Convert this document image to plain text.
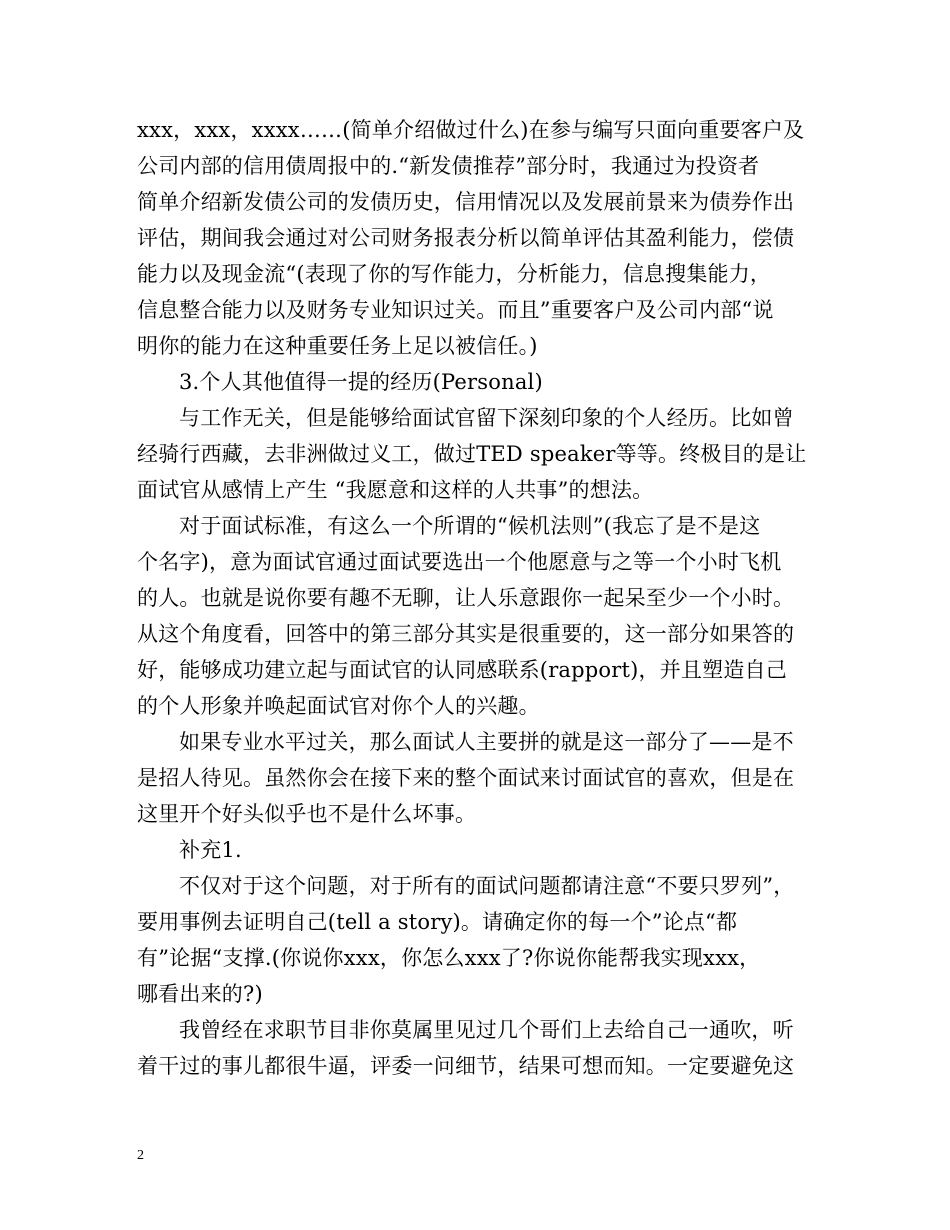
xxx，xxx，xxxx……(简单介绍做过什么)在参与编写只面向重要客户及
公司内部的信用债周报中的.“新发债推荐”部分时，我通过为投资者
简单介绍新发债公司的发债历史，信用情况以及发展前景来为债券作出
评估，期间我会通过对公司财务报表分析以简单评估其盈利能力，偿债
能力以及现金流“(表现了你的写作能力，分析能力，信息搜集能力，
信息整合能力以及财务专业知识过关。而且”重要客户及公司内部“说
明你的能力在这种重要任务上足以被信任。)
3.个人其他值得一提的经历(Personal)
与工作无关，但是能够给面试官留下深刻印象的个人经历。比如曾
经骑行西藏，去非洲做过义工，做过TED speaker等等。终极目的是让
面试官从感情上产生 “我愿意和这样的人共事”的想法。
对于面试标准，有这么一个所谓的“候机法则”(我忘了是不是这
个名字)，意为面试官通过面试要选出一个他愿意与之等一个小时飞机
的人。也就是说你要有趣不无聊，让人乐意跟你一起呆至少一个小时。
从这个角度看，回答中的第三部分其实是很重要的，这一部分如果答的
好，能够成功建立起与面试官的认同感联系(rapport)，并且塑造自己
的个人形象并唤起面试官对你个人的兴趣。
如果专业水平过关，那么面试人主要拼的就是这一部分了——是不
是招人待见。虽然你会在接下来的整个面试来讨面试官的喜欢，但是在
这里开个好头似乎也不是什么坏事。
补充1.
不仅对于这个问题，对于所有的面试问题都请注意“不要只罗列”，
要用事例去证明自己(tell a story)。请确定你的每一个”论点“都
有”论据“支撑.(你说你xxx，你怎么xxx了?你说你能帮我实现xxx，
哪看出来的?)
我曾经在求职节目非你莫属里见过几个哥们上去给自己一通吹，听
着干过的事儿都很牛逼，评委一问细节，结果可想而知。一定要避免这
2
